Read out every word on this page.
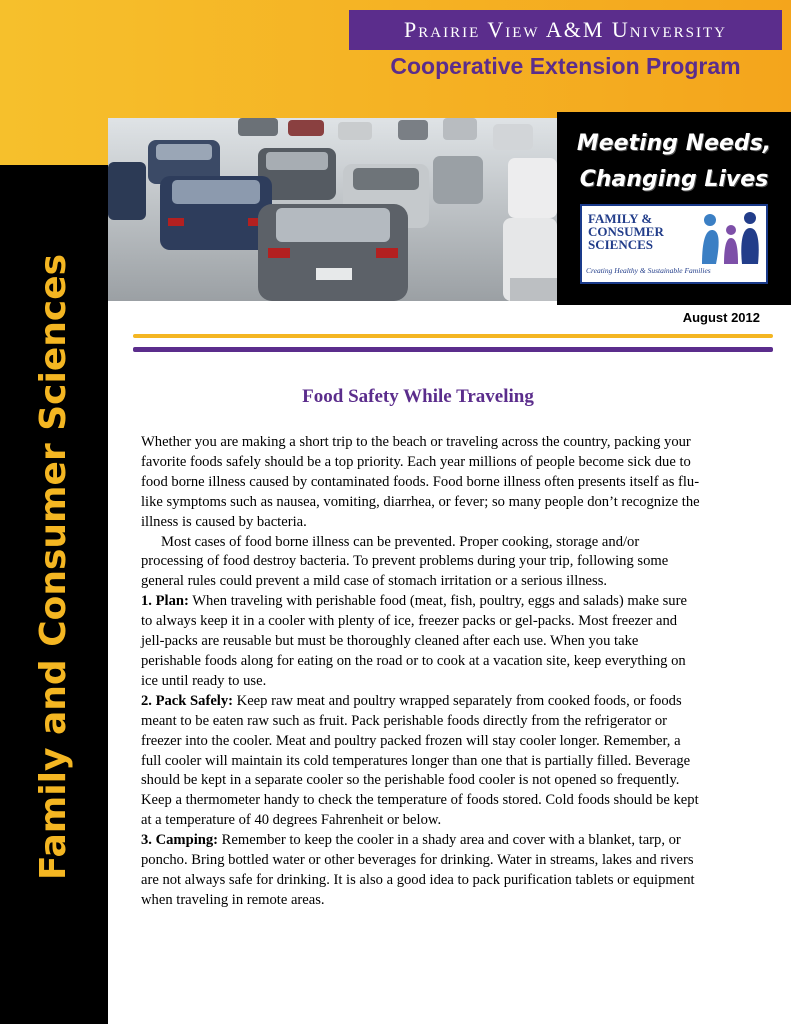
Prairie View A&M University
Cooperative Extension Program
Family and Consumer Sciences
Meeting Needs,
Changing Lives
FAMILY &
CONSUMER
SCIENCES
Creating Healthy & Sustainable Families
August 2012
Food Safety While Traveling

Whether you are making a short trip to the beach or traveling across the country, packing your favorite foods safely should be a top priority. Each year millions of people become sick due to food borne illness caused by contaminated foods. Food borne illness often presents itself as flu-like symptoms such as nausea, vomiting, diarrhea, or fever; so many people don’t recognize the illness is caused by bacteria.

Most cases of food borne illness can be prevented. Proper cooking, storage and/or processing of food destroy bacteria. To prevent problems during your trip, following some general rules could prevent a mild case of stomach irritation or a serious illness.

1. Plan: When traveling with perishable food (meat, fish, poultry, eggs and salads) make sure to always keep it in a cooler with plenty of ice, freezer packs or gel-packs. Most freezer and jell-packs are reusable but must be thoroughly cleaned after each use. When you take perishable foods along for eating on the road or to cook at a vacation site, keep everything on ice until ready to use.

2. Pack Safely: Keep raw meat and poultry wrapped separately from cooked foods, or foods meant to be eaten raw such as fruit. Pack perishable foods directly from the refrigerator or freezer into the cooler. Meat and poultry packed frozen will stay cooler longer. Remember, a full cooler will maintain its cold temperatures longer than one that is partially filled. Beverage should be kept in a separate cooler so the perishable food cooler is not opened so frequently. Keep a thermometer handy to check the temperature of foods stored. Cold foods should be kept at a temperature of 40 degrees Fahrenheit or below.

3. Camping: Remember to keep the cooler in a shady area and cover with a blanket, tarp, or poncho. Bring bottled water or other beverages for drinking. Water in streams, lakes and rivers are not always safe for drinking. It is also a good idea to pack purification tablets or equipment when traveling in remote areas.
